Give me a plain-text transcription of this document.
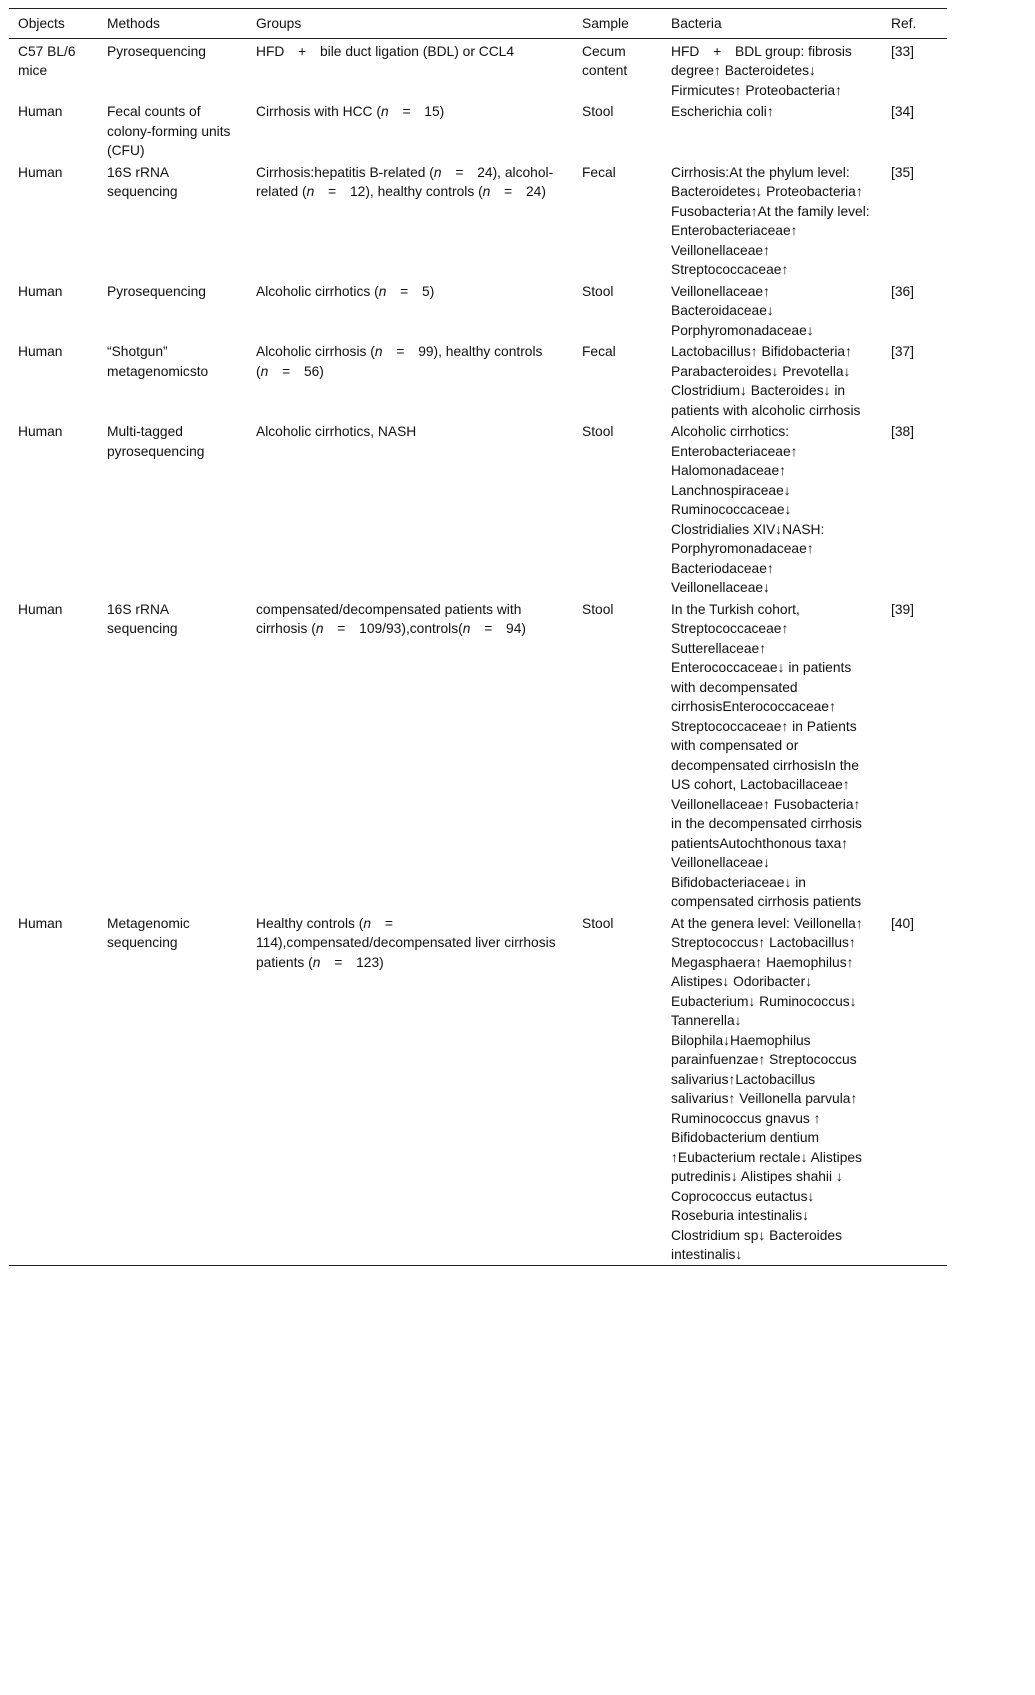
Objects	Methods	Groups	Sample	Bacteria	Ref.
C57 BL/6 mice	Pyrosequencing	HFD + bile duct ligation (BDL) or CCL4	Cecum content	HFD + BDL group: fibrosis degree↑ Bacteroidetes↓ Firmicutes↑ Proteobacteria↑	[33]
Human	Fecal counts of colony-forming units (CFU)	Cirrhosis with HCC (n  = 15)	Stool	Escherichia coli↑	[34]
Human	16S rRNA sequencing	Cirrhosis:hepatitis B-related (n  = 24), alcohol-related (n  = 12), healthy controls (n  = 24)	Fecal	Cirrhosis:At the phylum level: Bacteroidetes↓ Proteobacteria↑ Fusobacteria↑At the family level: Enterobacteriaceae↑ Veillonellaceae↑ Streptococcaceae↑	[35]
Human	Pyrosequencing	Alcoholic cirrhotics (n  = 5)	Stool	Veillonellaceae↑ Bacteroidaceae↓ Porphyromonadaceae↓	[36]
Human	“Shotgun” metagenomicsto	Alcoholic cirrhosis (n  = 99), healthy controls (n  = 56)	Fecal	Lactobacillus↑ Bifidobacteria↑ Parabacteroides↓ Prevotella↓ Clostridium↓ Bacteroides↓ in patients with alcoholic cirrhosis	[37]
Human	Multi-tagged pyrosequencing	Alcoholic cirrhotics, NASH	Stool	Alcoholic cirrhotics: Enterobacteriaceae↑ Halomonadaceae↑ Lanchnospiraceae↓ Ruminococcaceae↓ Clostridialies XIV↓NASH: Porphyromonadaceae↑ Bacteriodaceae↑ Veillonellaceae↓	[38]
Human	16S rRNA sequencing	compensated/decompensated patients with cirrhosis (n  = 109/93),controls(n  = 94)	Stool	In the Turkish cohort, Streptococcaceae↑ Sutterellaceae↑ Enterococcaceae↓ in patients with decompensated cirrhosisEnterococcaceae↑ Streptococcaceae↑ in Patients with compensated or decompensated cirrhosisIn the US cohort, Lactobacillaceae↑ Veillonellaceae↑ Fusobacteria↑ in the decompensated cirrhosis patientsAutochthonous taxa↑ Veillonellaceae↓ Bifidobacteriaceae↓ in compensated cirrhosis patients	[39]
Human	Metagenomic sequencing	Healthy controls (n  = 114),compensated/decompensated liver cirrhosis patients (n  = 123)	Stool	At the genera level: Veillonella↑ Streptococcus↑ Lactobacillus↑ Megasphaera↑ Haemophilus↑ Alistipes↓ Odoribacter↓ Eubacterium↓ Ruminococcus↓ Tannerella↓ Bilophila↓Haemophilus parainfuenzae↑ Streptococcus salivarius↑Lactobacillus salivarius↑ Veillonella parvula↑ Ruminococcus gnavus ↑ Bifidobacterium dentium ↑Eubacterium rectale↓ Alistipes putredinis↓ Alistipes shahii ↓ Coprococcus eutactus↓ Roseburia intestinalis↓ Clostridium sp↓ Bacteroides intestinalis↓	[40]
